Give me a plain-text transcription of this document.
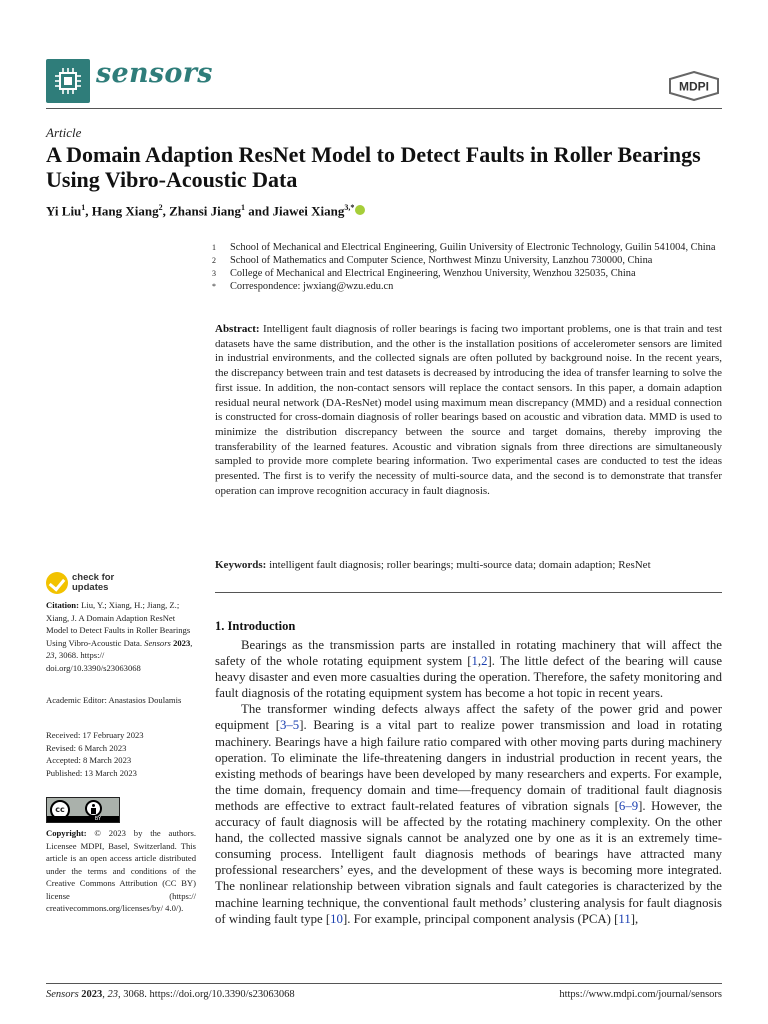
sensors	MDPI
Article
A Domain Adaption ResNet Model to Detect Faults in Roller Bearings Using Vibro-Acoustic Data
Yi Liu$^1$, Hang Xiang$^2$, Zhansi Jiang$^1$ and Jiawei Xiang$^{3,*}$
1	School of Mechanical and Electrical Engineering, Guilin University of Electronic Technology, Guilin 541004, China
2	School of Mathematics and Computer Science, Northwest Minzu University, Lanzhou 730000, China
3	College of Mechanical and Electrical Engineering, Wenzhou University, Wenzhou 325035, China
*	Correspondence: jwxiang@wzu.edu.cn
Abstract: Intelligent fault diagnosis of roller bearings is facing two important problems, one is that train and test datasets have the same distribution, and the other is the installation positions of accelerometer sensors are limited in industrial environments, and the collected signals are often polluted by background noise. In the recent years, the discrepancy between train and test datasets is decreased by introducing the idea of transfer learning to solve the first issue. In addition, the non-contact sensors will replace the contact sensors. In this paper, a domain adaption residual neural network (DA-ResNet) model using maximum mean discrepancy (MMD) and a residual connection is constructed for cross-domain diagnosis of roller bearings based on acoustic and vibration data. MMD is used to minimize the distribution discrepancy between the source and target domains, thereby improving the transferability of the learned features. Acoustic and vibration signals from three directions are simultaneously sampled to provide more complete bearing information. Two experimental cases are conducted to test the ideas presented. The first is to verify the necessity of multi-source data, and the second is to demonstrate that transfer operation can improve recognition accuracy in fault diagnosis.
Keywords: intelligent fault diagnosis; roller bearings; multi-source data; domain adaption; ResNet
check for updates
Citation: Liu, Y.; Xiang, H.; Jiang, Z.; Xiang, J. A Domain Adaption ResNet Model to Detect Faults in Roller Bearings Using Vibro-Acoustic Data. Sensors 2023, 23, 3068. https:// doi.org/10.3390/s23063068
Academic Editor: Anastasios Doulamis
Received: 17 February 2023
Revised: 6 March 2023
Accepted: 8 March 2023
Published: 13 March 2023
cc
BY
Copyright: © 2023 by the authors. Licensee MDPI, Basel, Switzerland. This article is an open access article distributed under the terms and conditions of the Creative Commons Attribution (CC BY) license (https:// creativecommons.org/licenses/by/ 4.0/).
1. Introduction

Bearings as the transmission parts are installed in rotating machinery that will affect the safety of the whole rotating equipment system [1,2]. The little defect of the bearing will cause heavy disaster and even more casualties during the operation. Therefore, the safety monitoring and fault diagnosis of the rotating equipment system has become a hot topic in recent years.

The transformer winding defects always affect the safety of the power grid and power equipment [3–5]. Bearing is a vital part to realize power transmission and load in rotating machinery. Bearings have a high failure ratio compared with other moving parts during machinery operation. To eliminate the life-threatening dangers in industrial production in recent years, the existing methods of bearings have been developed by many researchers and experts. For example, the time domain, frequency domain and time—frequency domain of traditional fault diagnosis methods are effective to extract fault-related features of vibration signals [6–9]. However, the accuracy of fault diagnosis will be affected by the rotating machinery complexity. On the other hand, the collected massive signals cannot be analyzed one by one as it is an extremely time-consuming process. Intelligent fault diagnosis methods of bearings have attracted many professional researchers’ eyes, and the development of these ways is becoming more integrated. The nonlinear relationship between vibration signals and fault categories is characterized by the machine learning technique, the conventional fault methods’ clustering analysis for fault diagnosis of winding fault type [10]. For example, principal component analysis (PCA) [11],

Sensors 2023, 23, 3068. https://doi.org/10.3390/s23063068	https://www.mdpi.com/journal/sensors
